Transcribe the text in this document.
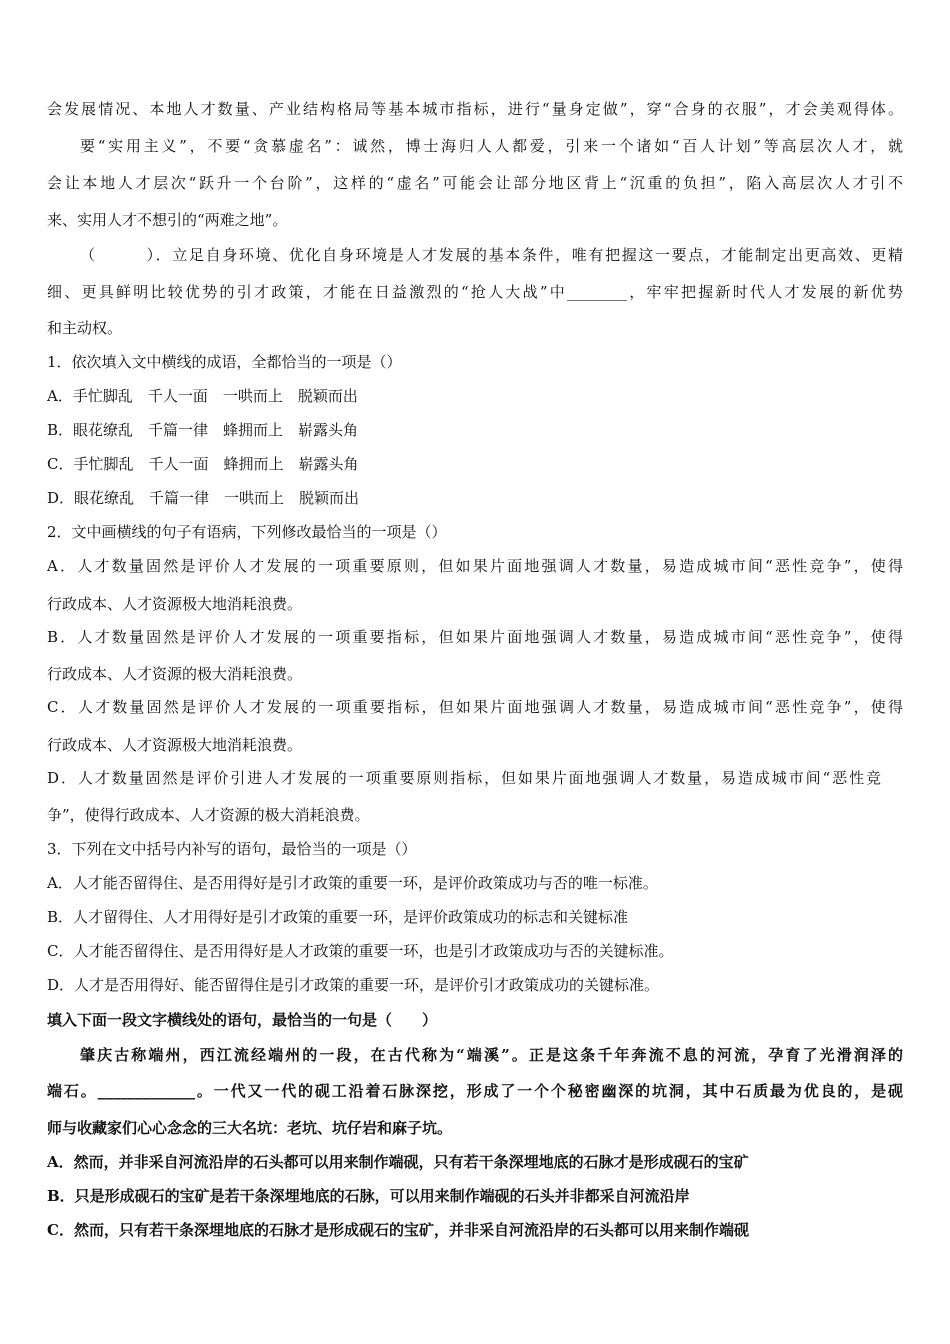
会发展情况、本地人才数量、产业结构格局等基本城市指标，进行“量身定做”，穿“合身的衣服”，才会美观得体。
要“实用主义”，不要“贪慕虚名”：诚然，博士海归人人都爱，引来一个诸如“百人计划”等高层次人才，就
会让本地人才层次“跃升一个台阶”，这样的“虚名”可能会让部分地区背上“沉重的负担”，陷入高层次人才引不
来、实用人才不想引的“两难之地”。
（　　　）．立足自身环境、优化自身环境是人才发展的基本条件，唯有把握这一要点，才能制定出更高效、更精
细、更具鲜明比较优势的引才政策，才能在日益激烈的“抢人大战”中________，牢牢把握新时代人才发展的新优势
和主动权。
1．依次填入文中横线的成语，全都恰当的一项是（）
A．手忙脚乱　千人一面　一哄而上　脱颖而出
B．眼花缭乱　千篇一律　蜂拥而上　崭露头角
C．手忙脚乱　千人一面　蜂拥而上　崭露头角
D．眼花缭乱　千篇一律　一哄而上　脱颖而出
2．文中画横线的句子有语病，下列修改最恰当的一项是（）
A．人才数量固然是评价人才发展的一项重要原则，但如果片面地强调人才数量，易造成城市间“恶性竞争”，使得
行政成本、人才资源极大地消耗浪费。
B．人才数量固然是评价人才发展的一项重要指标，但如果片面地强调人才数量，易造成城市间“恶性竞争”，使得
行政成本、人才资源的极大消耗浪费。
C．人才数量固然是评价人才发展的一项重要指标，但如果片面地强调人才数量，易造成城市间“恶性竞争”，使得
行政成本、人才资源极大地消耗浪费。
D．人才数量固然是评价引进人才发展的一项重要原则指标，但如果片面地强调人才数量，易造成城市间“恶性竞
争”，使得行政成本、人才资源的极大消耗浪费。
3．下列在文中括号内补写的语句，最恰当的一项是（）
A．人才能否留得住、是否用得好是引才政策的重要一环，是评价政策成功与否的唯一标准。
B．人才留得住、人才用得好是引才政策的重要一环，是评价政策成功的标志和关键标准
C．人才能否留得住、是否用得好是人才政策的重要一环，也是引才政策成功与否的关键标准。
D．人才是否用得好、能否留得住是引才政策的重要一环，是评价引才政策成功的关键标准。
填入下面一段文字横线处的语句，最恰当的一句是（　　）
肇庆古称端州，西江流经端州的一段，在古代称为“端溪”。正是这条千年奔流不息的河流，孕育了光滑润泽的
端石。_____________。一代又一代的砚工沿着石脉深挖，形成了一个个秘密幽深的坑洞，其中石质最为优良的，是砚
师与收藏家们心心念念的三大名坑：老坑、坑仔岩和麻子坑。
A．然而，并非采自河流沿岸的石头都可以用来制作端砚，只有若干条深埋地底的石脉才是形成砚石的宝矿
B．只是形成砚石的宝矿是若干条深埋地底的石脉，可以用来制作端砚的石头并非都采自河流沿岸
C．然而，只有若干条深埋地底的石脉才是形成砚石的宝矿，并非采自河流沿岸的石头都可以用来制作端砚
